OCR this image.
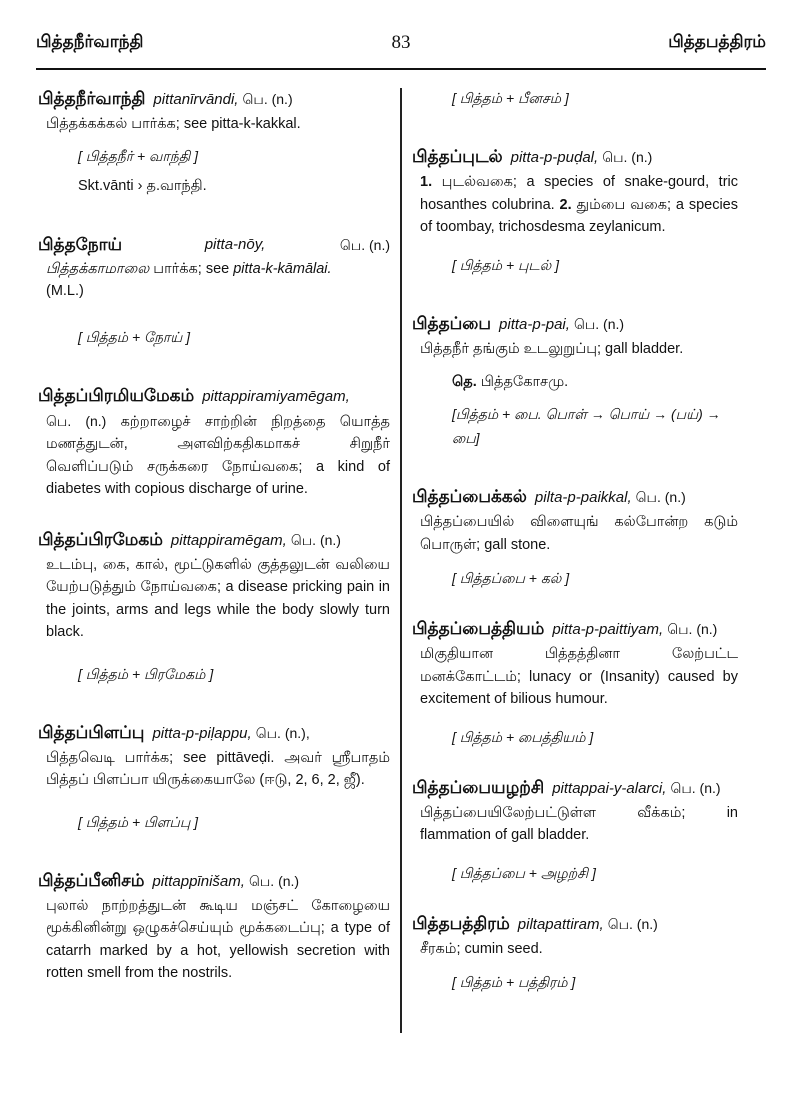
பித்தநீர்வாந்தி	83	பித்தபத்திரம்
பித்தநீர்வாந்தி pittanīrvāndi, பெ. (n.)
பித்தக்கக்கல் பார்க்க; see pitta-k-kakkal.
[ பித்தநீர் + வாந்தி ]
Skt.vānti › த.வாந்தி.
பித்தநோய்	pitta-nōy,	பெ. (n.)
பித்தக்காமாலை பார்க்க; see pitta-k-kāmālai.
(M.L.)
[ பித்தம் + நோய் ]
பித்தப்பிரமியமேகம் pittappiramiyamēgam,
பெ. (n.) கற்றாழைச் சாற்றின் நிறத்தை யொத்த மணத்துடன், அளவிற்கதிகமாகச் சிறுநீர் வெளிப்படும் சருக்கரை நோய்வகை; a kind of diabetes with copious discharge of urine.
பித்தப்பிரமேகம் pittappiramēgam, பெ. (n.)
உடம்பு, கை, கால், மூட்டுகளில் குத்தலுடன் வலியை யேற்படுத்தும் நோய்வகை; a disease pricking pain in the joints, arms and legs while the body slowly turn black.
[ பித்தம் + பிரமேகம் ]
பித்தப்பிளப்பு pitta-p-piḷappu, பெ. (n.),
பித்தவெடி பார்க்க; see pittāveḍi. அவர் ஸ்ரீபாதம் பித்தப் பிளப்பா யிருக்கையாலே (ஈடு, 2, 6, 2, ஜீ).
[ பித்தம் + பிளப்பு ]
பித்தப்பீனிசம் pittappīnišam, பெ. (n.)
புலால் நாற்றத்துடன் கூடிய மஞ்சட் கோழையை மூக்கினின்று ஒழுகச்செய்யும் மூக்கடைப்பு; a type of catarrh marked by a hot, yellowish secretion with rotten smell from the nostrils.
[ பித்தம் + பீனசம் ]
பித்தப்புடல் pitta-p-puḍal, பெ. (n.)
1. புடல்வகை; a species of snake-gourd, tric hosanthes colubrina. 2. தும்பை வகை; a species of toombay, trichosdesma zeylanicum.
[ பித்தம் + புடல் ]
பித்தப்பை pitta-p-pai, பெ. (n.)
பித்தநீர் தங்கும் உடலுறுப்பு; gall bladder.
தெ. பித்தகோசமு.
[பித்தம் + பை. பொள் → பொய் → (பய்) → பை]
பித்தப்பைக்கல் pilta-p-paikkal, பெ. (n.)
பித்தப்பையில் விளையுங் கல்போன்ற கடும் பொருள்; gall stone.
[ பித்தப்பை + கல் ]
பித்தப்பைத்தியம் pitta-p-paittiyam, பெ. (n.)
மிகுதியான பித்தத்தினா லேற்பட்ட மனக்கோட்டம்; lunacy or (Insanity) caused by excitement of bilious humour.
[ பித்தம் + பைத்தியம் ]
பித்தப்பையழற்சி pittappai-y-alarci, பெ. (n.)
பித்தப்பையிலேற்பட்டுள்ள வீக்கம்; in flammation of gall bladder.
[ பித்தப்பை + அழற்சி ]
பித்தபத்திரம் piltapattiram, பெ. (n.)
சீரகம்; cumin seed.
[ பித்தம் + பத்திரம் ]
